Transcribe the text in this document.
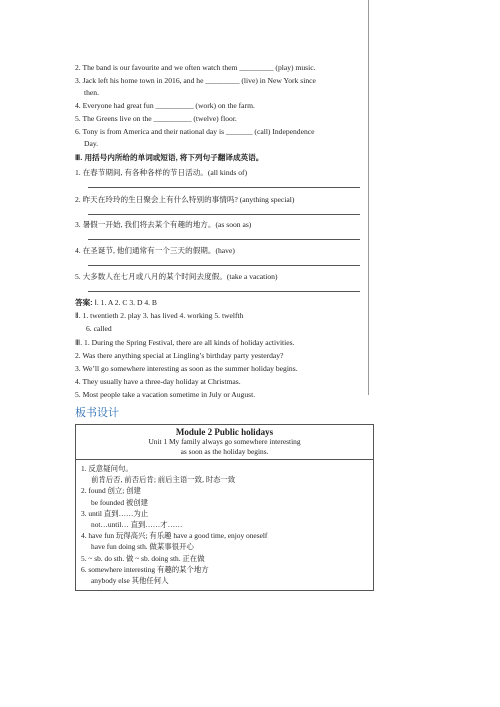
2. The band is our favourite and we often watch them _________ (play) music.
3. Jack left his home town in 2016, and he _________ (live) in New York since
then.
4. Everyone had great fun __________ (work) on the farm.
5. The Greens live on the __________ (twelve) floor.
6. Tony is from America and their national day is _______ (call) Independence
Day.
Ⅲ. 用括号内所给的单词或短语, 将下列句子翻译成英语。
1. 在春节期间, 有各种各样的节日活动。(all kinds of)
2. 昨天在玲玲的生日聚会上有什么特别的事情吗? (anything special)
3. 暑假一开始, 我们将去某个有趣的地方。(as soon as)
4. 在圣诞节, 他们通常有一个三天的假期。(have)
5. 大多数人在七月或八月的某个时间去度假。(take a vacation)
答案: Ⅰ. 1. A 2. C 3. D 4. B
Ⅱ. 1. twentieth 2. play 3. has lived 4. working 5. twelfth
6. called
Ⅲ. 1. During the Spring Festival, there are all kinds of holiday activities.
2. Was there anything special at Lingling’s birthday party yesterday?
3. We’ll go somewhere interesting as soon as the summer holiday begins.
4. They usually have a three-day holiday at Christmas.
5. Most people take a vacation sometime in July or August.
板书设计
Module 2 Public holidays
Unit 1 My family always go somewhere interesting
as soon as the holiday begins.

1. 反意疑问句。
前肯后否, 前否后肯; 前后主语一致, 时态一致
2. found 创立; 创建
be founded 被创建
3. until 直到……为止
not…until… 直到……才……
4. have fun 玩得高兴; 有乐趣 have a good time, enjoy oneself
have fun doing sth. 做某事很开心
5. ~ sb. do sth. 做 ~ sb. doing sth. 正在做
6. somewhere interesting 有趣的某个地方
anybody else 其他任何人
